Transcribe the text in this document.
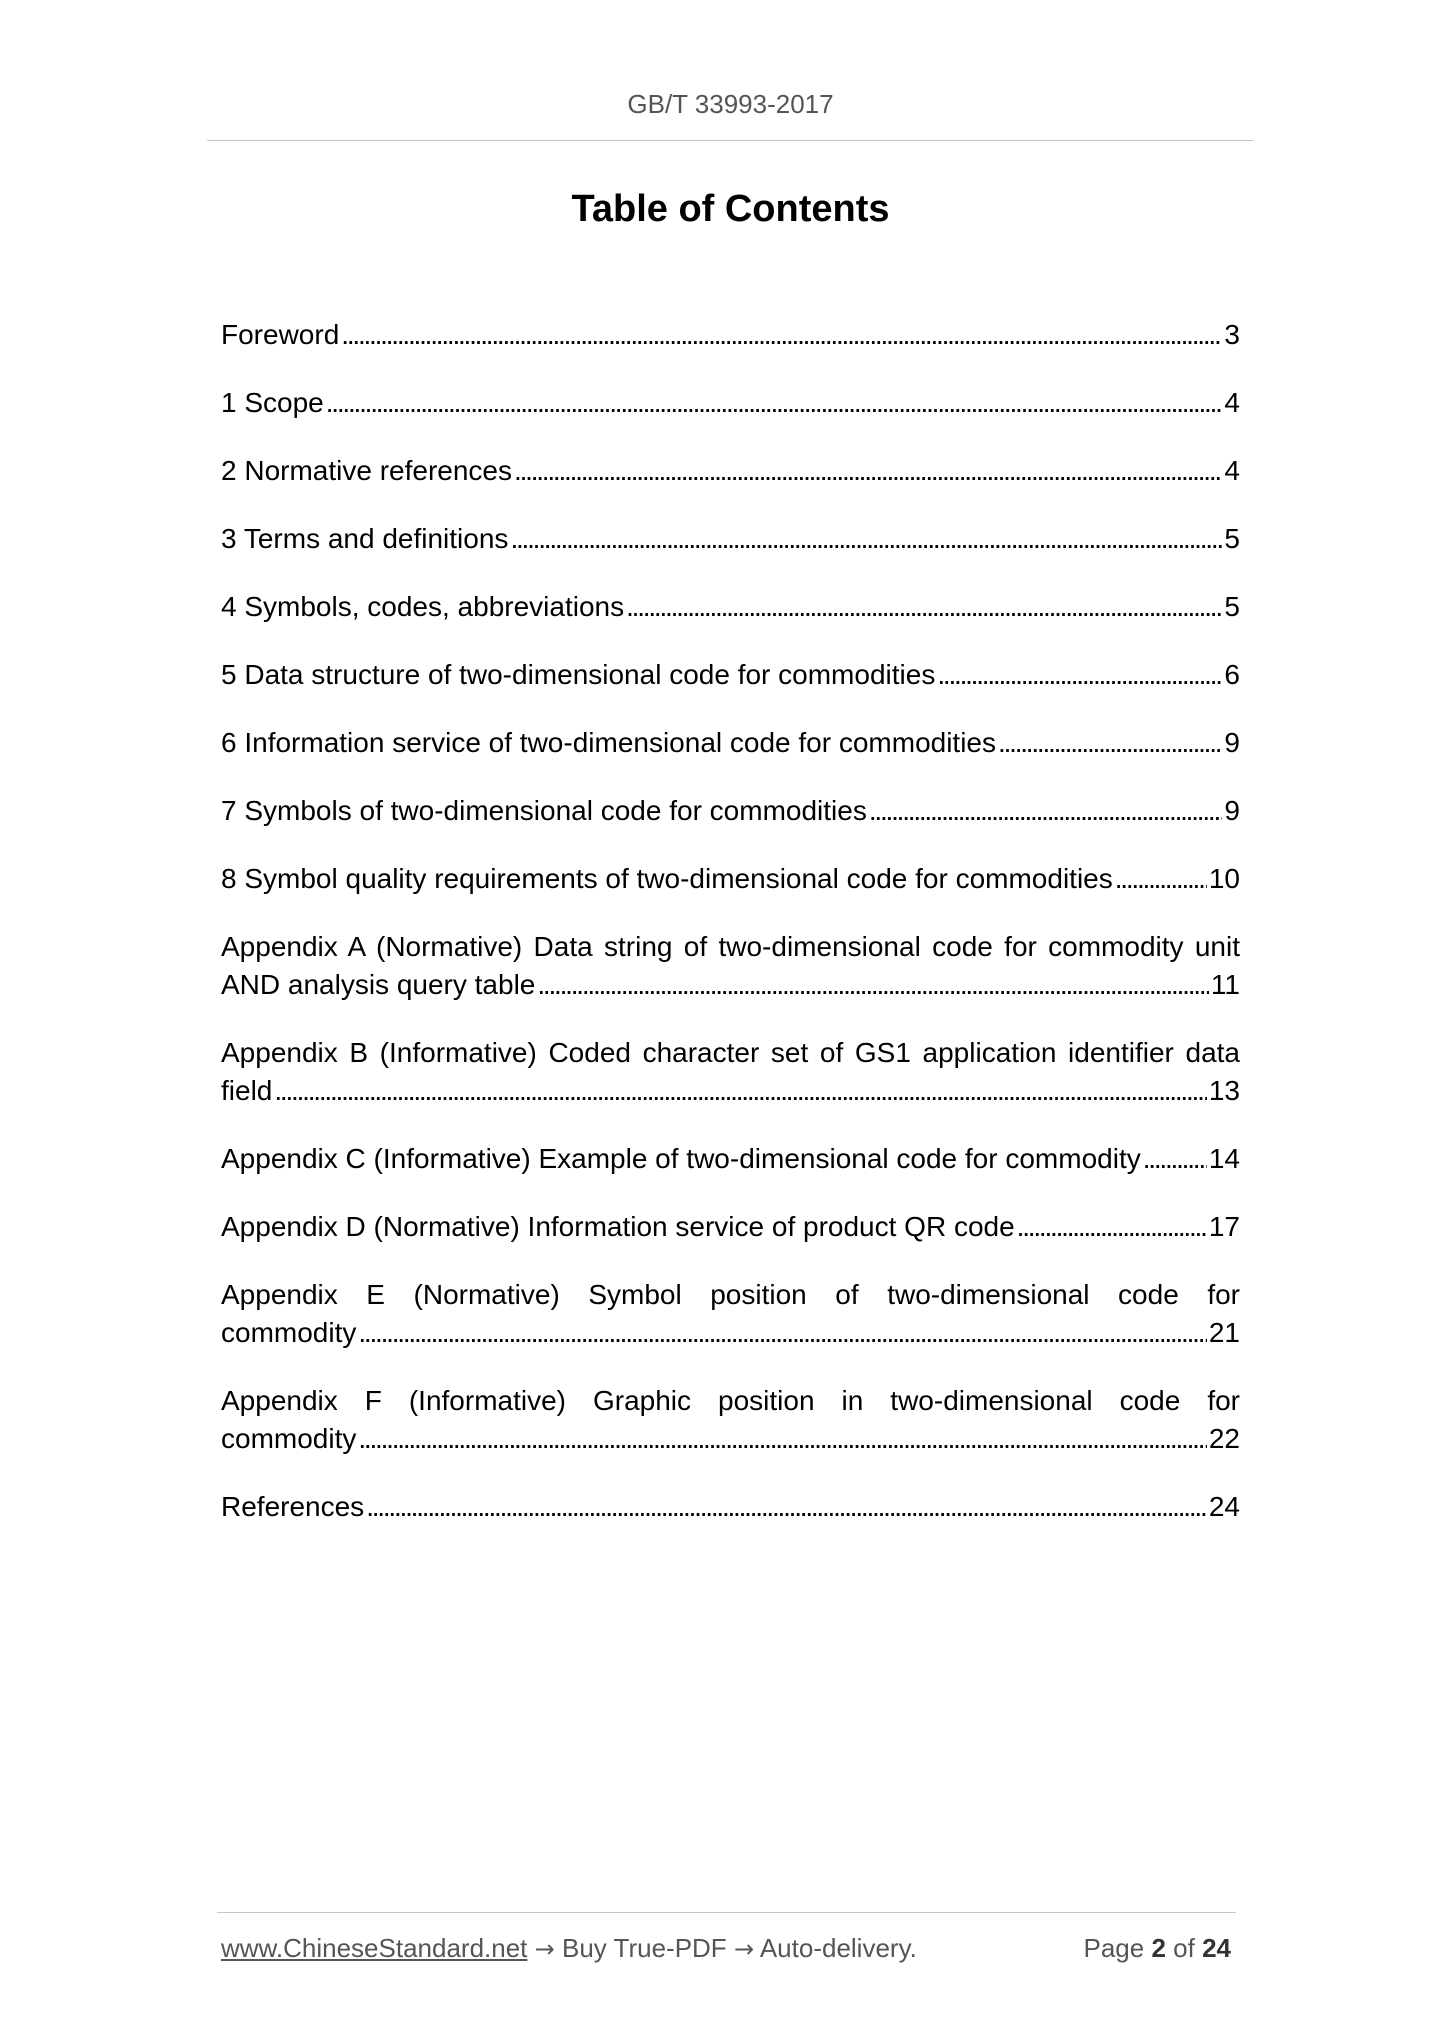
GB/T 33993-2017
Table of Contents
Foreword . . .	3
1 Scope . . .	4
2 Normative references . . .	4
3 Terms and definitions . . .	5
4 Symbols, codes, abbreviations . . .	5
5 Data structure of two-dimensional code for commodities . . .	6
6 Information service of two-dimensional code for commodities . . .	9
7 Symbols of two-dimensional code for commodities . . .	9
8 Symbol quality requirements of two-dimensional code for commodities . . .	10
Appendix A (Normative) Data string of two-dimensional code for commodity unit
AND analysis query table . . .	11
Appendix B (Informative) Coded character set of GS1 application identifier data
field . . .	13
Appendix C (Informative) Example of two-dimensional code for commodity . . . 14
Appendix D (Normative) Information service of product QR code . . .	17
Appendix E (Normative) Symbol position of two-dimensional code for
commodity . . .	21
Appendix F (Informative) Graphic position in two-dimensional code for
commodity . . .	22
References . . .	24
www.ChineseStandard.net → Buy True-PDF → Auto-delivery.	Page 2 of 24
